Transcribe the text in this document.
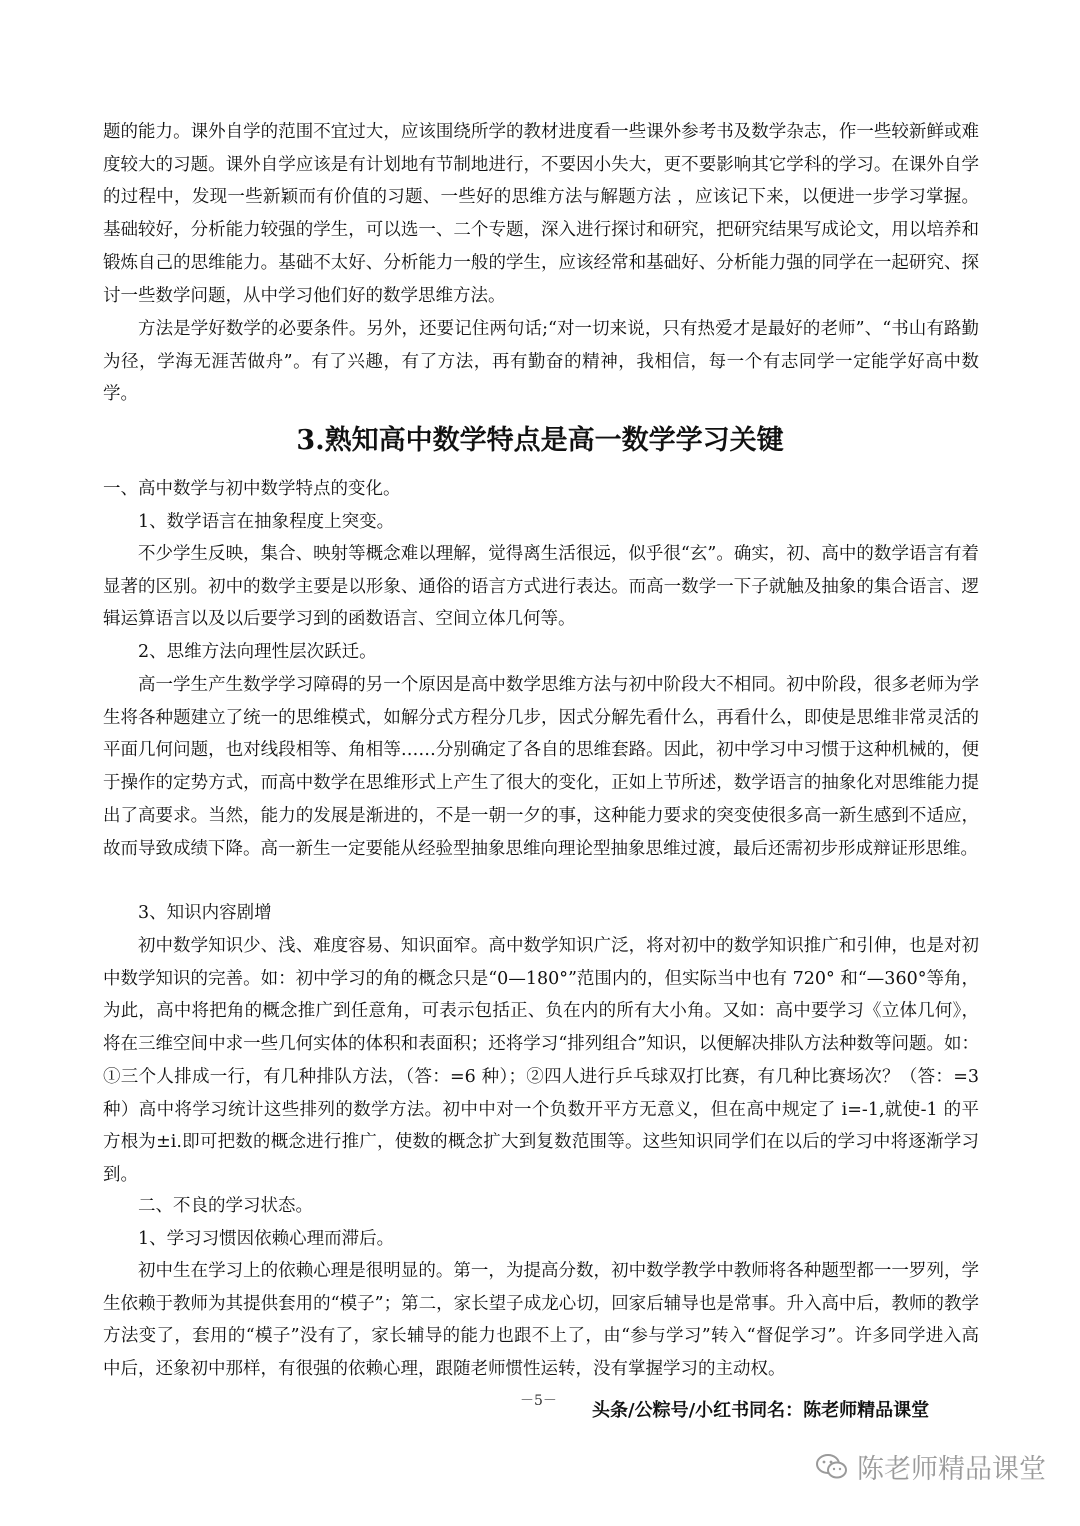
题的能力。课外自学的范围不宜过大，应该围绕所学的教材进度看一些课外参考书及数学杂志，作一些较新鲜或难度较大的习题。课外自学应该是有计划地有节制地进行，不要因小失大，更不要影响其它学科的学习。在课外自学的过程中，发现一些新颖而有价值的习题、一些好的思维方法与解题方法 ，应该记下来，以便进一步学习掌握。基础较好，分析能力较强的学生，可以选一、二个专题，深入进行探讨和研究，把研究结果写成论文，用以培养和锻炼自己的思维能力。基础不太好、分析能力一般的学生，应该经常和基础好、分析能力强的同学在一起研究、探讨一些数学问题，从中学习他们好的数学思维方法。

方法是学好数学的必要条件。另外，还要记住两句话;“对一切来说，只有热爱才是最好的老师”、“书山有路勤为径，学海无涯苦做舟”。有了兴趣，有了方法，再有勤奋的精神，我相信，每一个有志同学一定能学好高中数学。

3.熟知高中数学特点是高一数学学习关键

一、高中数学与初中数学特点的变化。

1、数学语言在抽象程度上突变。

不少学生反映，集合、映射等概念难以理解，觉得离生活很远，似乎很“玄”。确实，初、高中的数学语言有着显著的区别。初中的数学主要是以形象、通俗的语言方式进行表达。而高一数学一下子就触及抽象的集合语言、逻辑运算语言以及以后要学习到的函数语言、空间立体几何等。

2、思维方法向理性层次跃迁。

高一学生产生数学学习障碍的另一个原因是高中数学思维方法与初中阶段大不相同。初中阶段，很多老师为学生将各种题建立了统一的思维模式，如解分式方程分几步，因式分解先看什么，再看什么，即使是思维非常灵活的平面几何问题，也对线段相等、角相等……分别确定了各自的思维套路。因此，初中学习中习惯于这种机械的，便于操作的定势方式，而高中数学在思维形式上产生了很大的变化，正如上节所述，数学语言的抽象化对思维能力提出了高要求。当然，能力的发展是渐进的，不是一朝一夕的事，这种能力要求的突变使很多高一新生感到不适应，故而导致成绩下降。高一新生一定要能从经验型抽象思维向理论型抽象思维过渡，最后还需初步形成辩证形思维。

3、知识内容剧增

初中数学知识少、浅、难度容易、知识面窄。高中数学知识广泛，将对初中的数学知识推广和引伸，也是对初中数学知识的完善。如：初中学习的角的概念只是“0—180°”范围内的，但实际当中也有 720° 和“—360°等角，为此，高中将把角的概念推广到任意角，可表示包括正、负在内的所有大小角。又如：高中要学习《立体几何》，将在三维空间中求一些几何实体的体积和表面积；还将学习“排列组合”知识，以便解决排队方法种数等问题。如：①三个人排成一行，有几种排队方法，（答：=6 种）；②四人进行乒乓球双打比赛，有几种比赛场次？（答：=3 种）高中将学习统计这些排列的数学方法。初中中对一个负数开平方无意义，但在高中规定了 i=-1,就使-1 的平方根为±i.即可把数的概念进行推广，使数的概念扩大到复数范围等。这些知识同学们在以后的学习中将逐渐学习到。

二、不良的学习状态。

1、学习习惯因依赖心理而滞后。

初中生在学习上的依赖心理是很明显的。第一，为提高分数，初中数学教学中教师将各种题型都一一罗列，学生依赖于教师为其提供套用的“模子”；第二，家长望子成龙心切，回家后辅导也是常事。升入高中后，教师的教学方法变了，套用的“模子”没有了，家长辅导的能力也跟不上了，由“参与学习”转入“督促学习”。许多同学进入高中后，还象初中那样，有很强的依赖心理，跟随老师惯性运转，没有掌握学习的主动权。

－5－ 头条/公粽号/小红书同名：陈老师精品课堂
陈老师精品课堂
